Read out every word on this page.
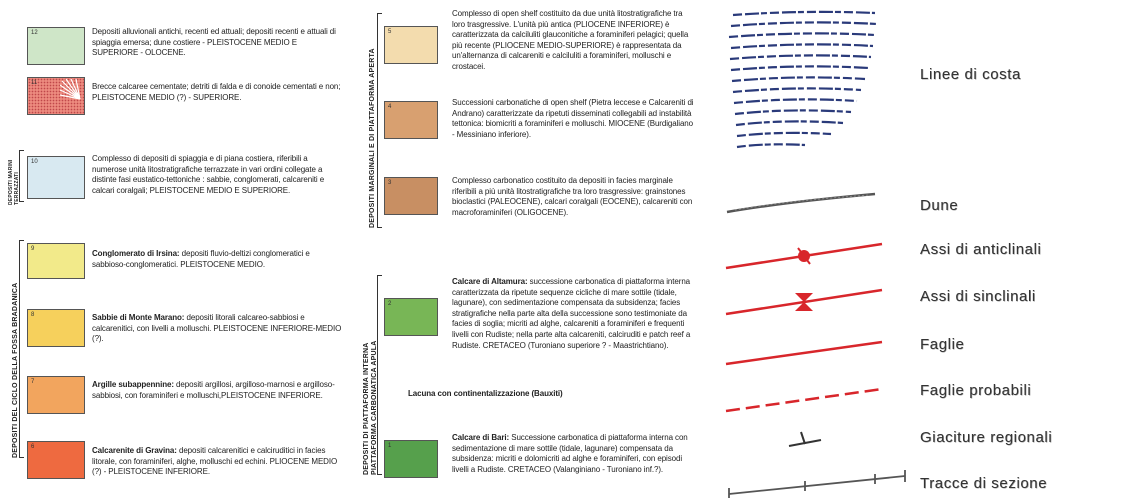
DEPOSITI MARINI TERRAZZATI
DEPOSITI DEL CICLO DELLA FOSSA BRADANICA
12	Depositi alluvionali antichi, recenti ed attuali; depositi recenti e attuali di spiaggia emersa; dune costiere - PLEISTOCENE MEDIO E SUPERIORE - OLOCENE.
11	Brecce calcaree cementate; detriti di falda e di conoide cementati e non; PLEISTOCENE MEDIO (?) - SUPERIORE.
10	Complesso di depositi di spiaggia e di piana costiera, riferibili a numerose unità litostratigrafiche terrazzate in vari ordini collegate a distinte fasi eustatico-tettoniche : sabbie, conglomerati, calcareniti e calcari coralgali; PLEISTOCENE MEDIO E SUPERIORE.
9	Conglomerato di Irsina: depositi fluvio-deltizi conglomeratici e sabbioso-conglomeratici. PLEISTOCENE MEDIO.
8	Sabbie di Monte Marano: depositi litorali calcareo-sabbiosi e calcarenitici, con livelli a molluschi. PLEISTOCENE INFERIORE-MEDIO (?).
7	Argille subappennine: depositi argillosi, argilloso-marnosi e argilloso-sabbiosi, con foraminiferi e molluschi,PLEISTOCENE INFERIORE.
6	Calcarenite di Gravina: depositi calcarenitici e calciruditici in facies litorale, con foraminiferi, alghe, molluschi ed echini. PLIOCENE MEDIO (?) - PLEISTOCENE INFERIORE.
DEPOSITI MARGINALI E DI PIATTAFORMA APERTA
DEPOSITI DI PIATTAFORMA INTERNA PIATTAFORMA CARBONATICA APULA
5
Complesso di open shelf costituito da due unità litostratigrafiche tra loro trasgressive. L'unità più antica (PLIOCENE INFERIORE) è caratterizzata da calciluliti glauconitiche a foraminiferi pelagici; quella più recente (PLIOCENE MEDIO-SUPERIORE) è rappresentata da un'alternanza di calcareniti e calciluliti a foraminiferi, molluschi e crostacei.
4	Successioni carbonatiche di open shelf (Pietra leccese e Calcareniti di Andrano) caratterizzate da ripetuti disseminati collegabili ad instabilità tettonica: biomicriti a foraminiferi e molluschi. MIOCENE (Burdigaliano - Messiniano inferiore).
3	Complesso carbonatico costituito da depositi in facies marginale riferibili a più unità litostratigrafiche tra loro trasgressive: grainstones bioclastici (PALEOCENE), calcari coralgali (EOCENE), calcareniti con macroforaminiferi (OLIGOCENE).
2
Calcare di Altamura: successione carbonatica di piattaforma interna caratterizzata da ripetute sequenze cicliche di mare sottile (tidale, lagunare), con sedimentazione compensata da subsidenza; facies stratigrafiche nella parte alta della successione sono testimoniate da facies di soglia; micriti ad alghe, calcareniti a foraminiferi e frequenti livelli con Rudiste; nella parte alta calcareniti, calciruditi e patch reef a Rudiste. CRETACEO (Turoniano superiore ? - Maastrichtiano).
Lacuna con continentalizzazione (Bauxiti)
1
Calcare di Bari: Successione carbonatica di piattaforma interna con sedimentazione di mare sottile (tidale, lagunare) compensata da subsidenza: micriti e dolomicriti ad alghe e foraminiferi, con episodi livelli a Rudiste. CRETACEO (Valanginiano - Turoniano inf.?).
Linee di costa
Dune
Assi di anticlinali
Assi di sinclinali
Faglie
Faglie probabili
Giaciture regionali
Tracce di sezione
